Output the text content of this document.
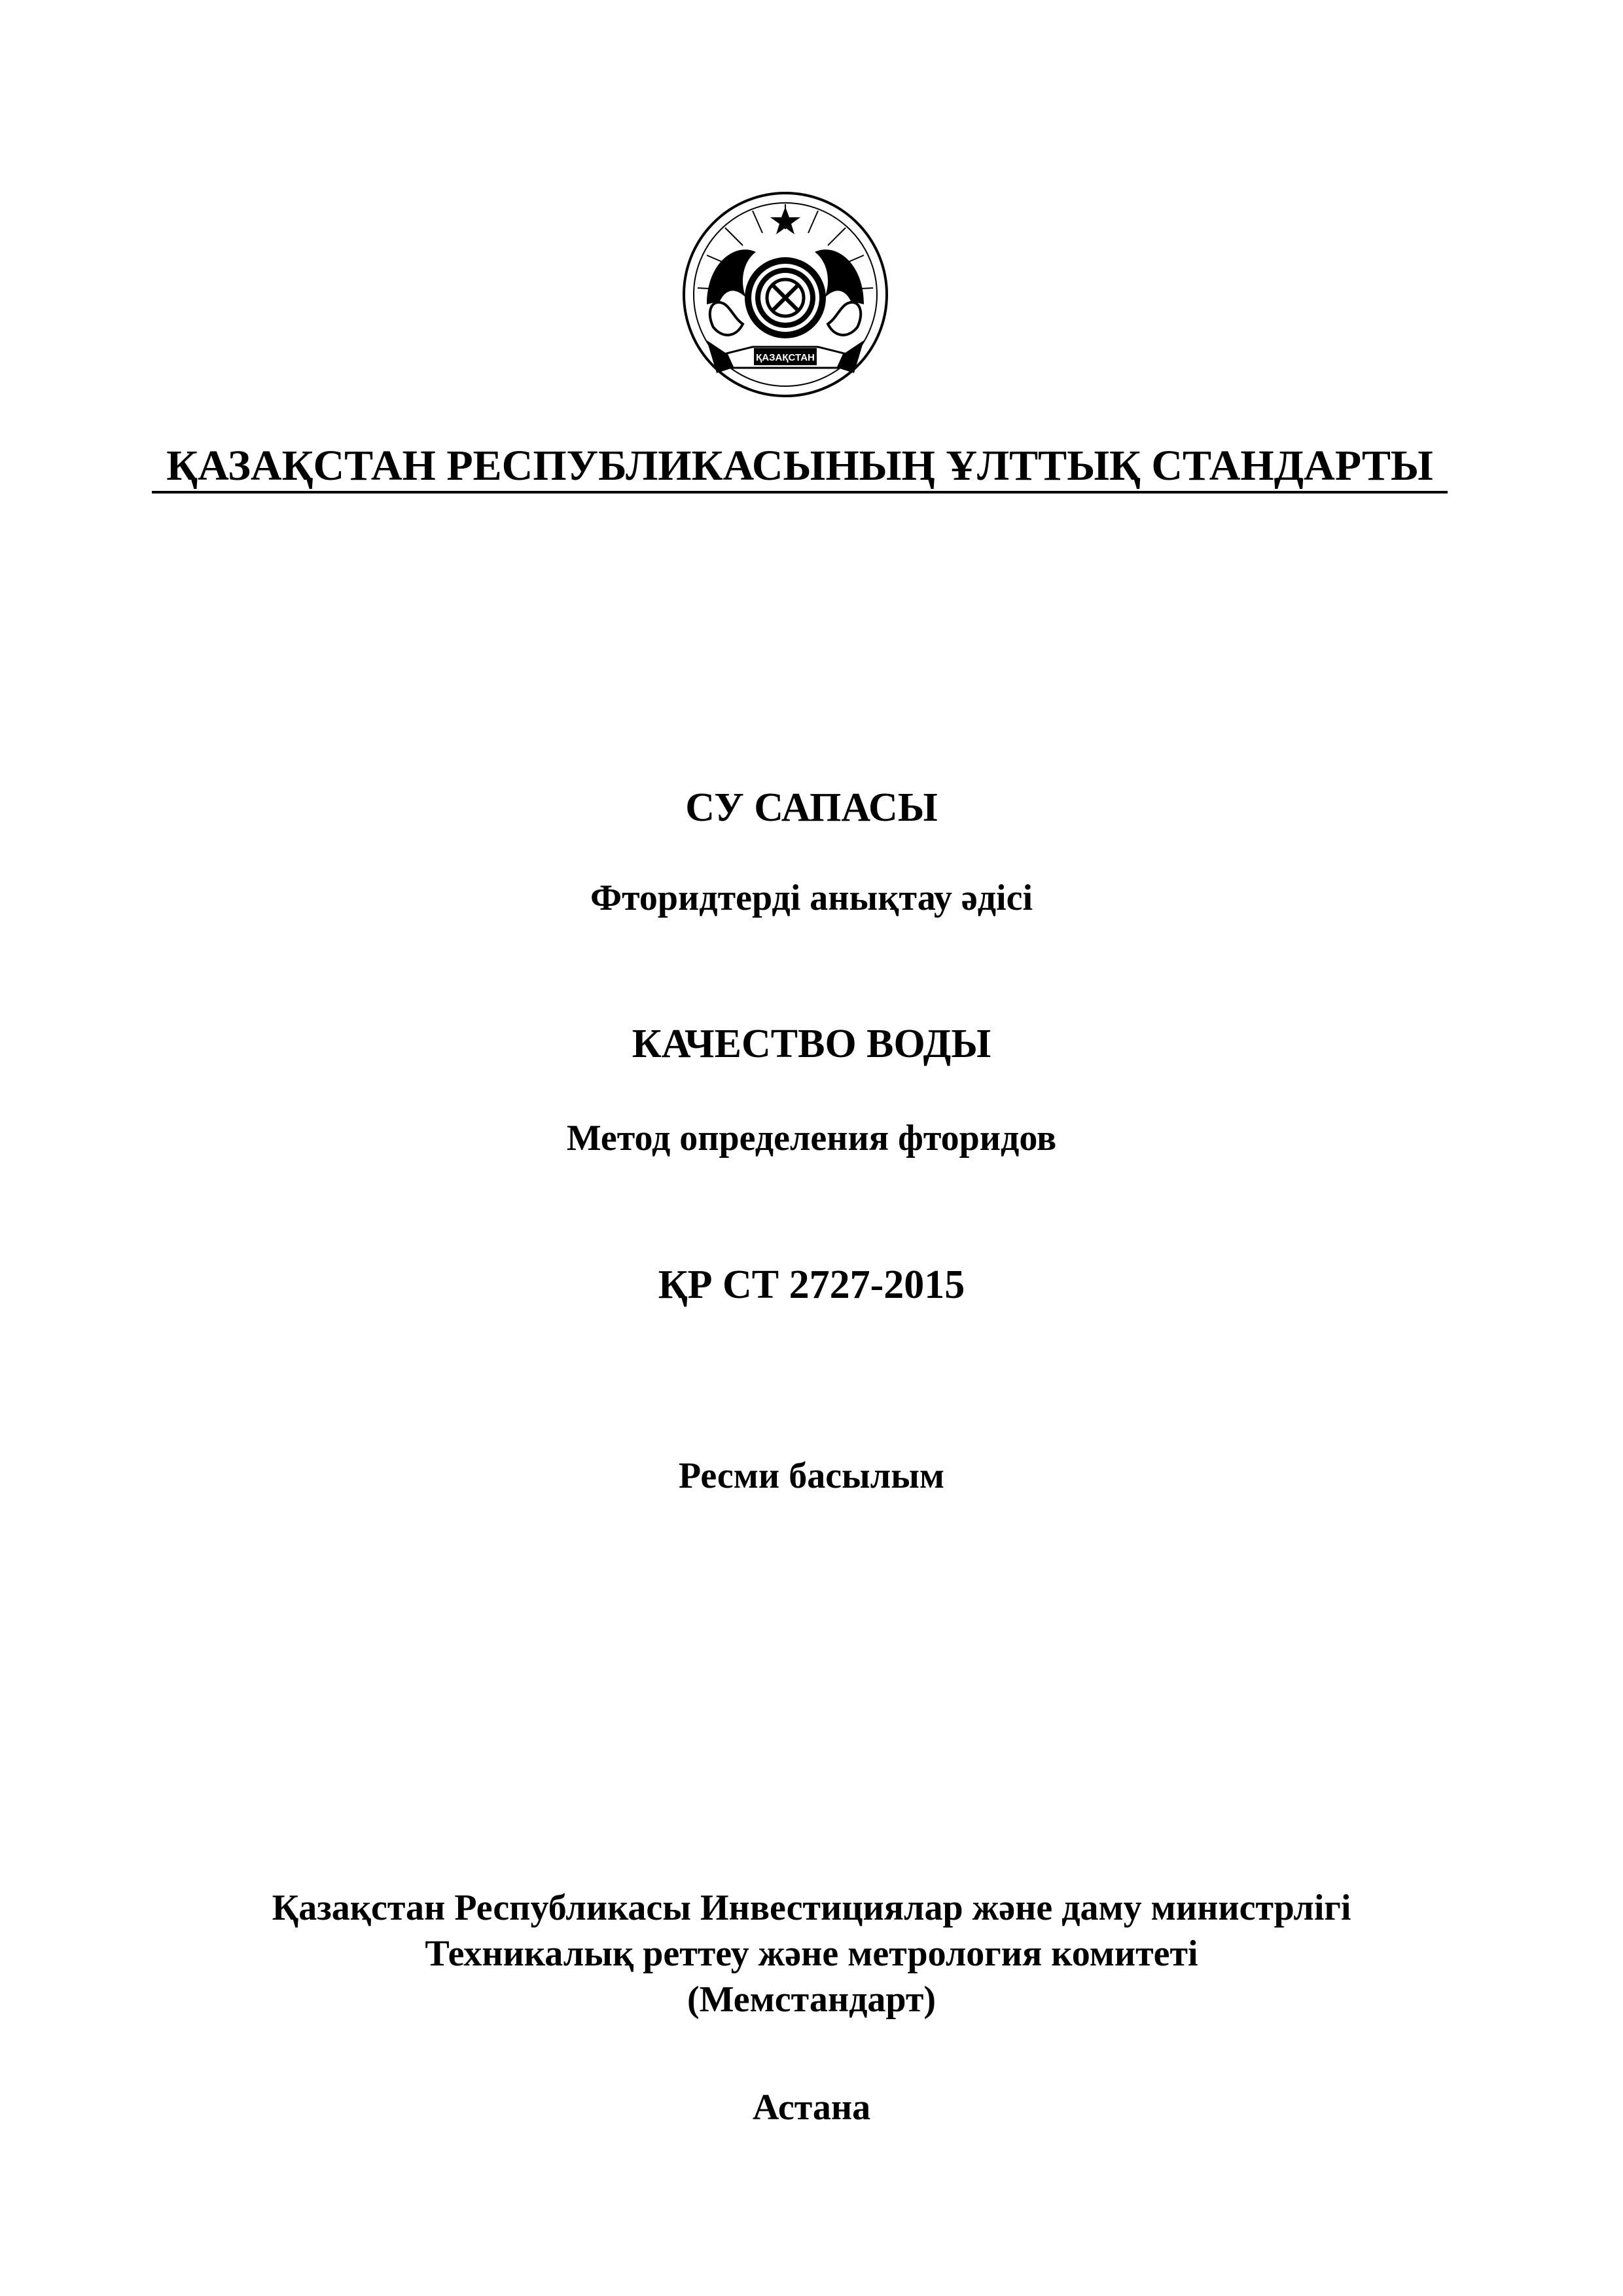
ҚАЗАҚСТАН
ҚАЗАҚСТАН РЕСПУБЛИКАСЫНЫҢ ҰЛТТЫҚ СТАНДАРТЫ
СУ САПАСЫ
Фторидтерді анықтау әдісі
КАЧЕСТВО ВОДЫ
Метод определения фторидов
ҚР СТ 2727-2015
Ресми басылым
Қазақстан Республикасы Инвестициялар және даму министрлігі
Техникалық реттеу және метрология комитеті
(Мемстандарт)
Астана
